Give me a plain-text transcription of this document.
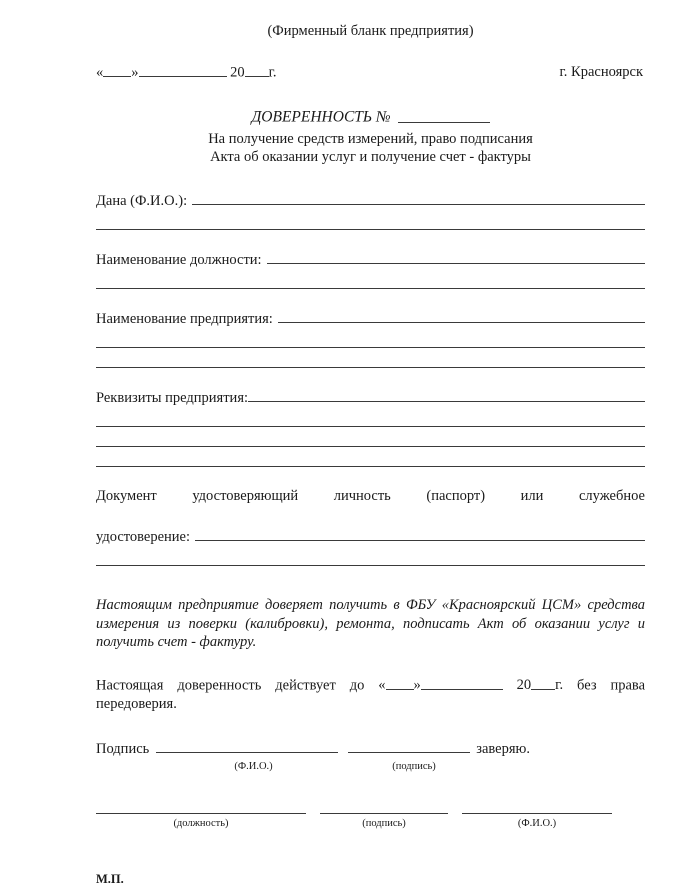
(Фирменный бланк предприятия)
« »	20 г.	г. Красноярск
ДОВЕРЕННОСТЬ №
На получение средств измерений, право подписания
Акта об оказании услуг и получение счет - фактуры
Дана (Ф.И.О.):
Наименование должности:
Наименование предприятия:
Реквизиты предприятия:
Документ удостоверяющий личность (паспорт) или служебное
удостоверение:
Настоящим предприятие доверяет получить в ФБУ «Красноярский ЦСМ» средства измерения из поверки (калибровки), ремонта, подписать Акт об оказании услуг и получить счет - фактуру.
Настоящая доверенность действует до « »	20 г. без права передоверия.
Подпись	заверяю.
(Ф.И.О.)	(подпись)
(должность)	(подпись)	(Ф.И.О.)
М.П.
